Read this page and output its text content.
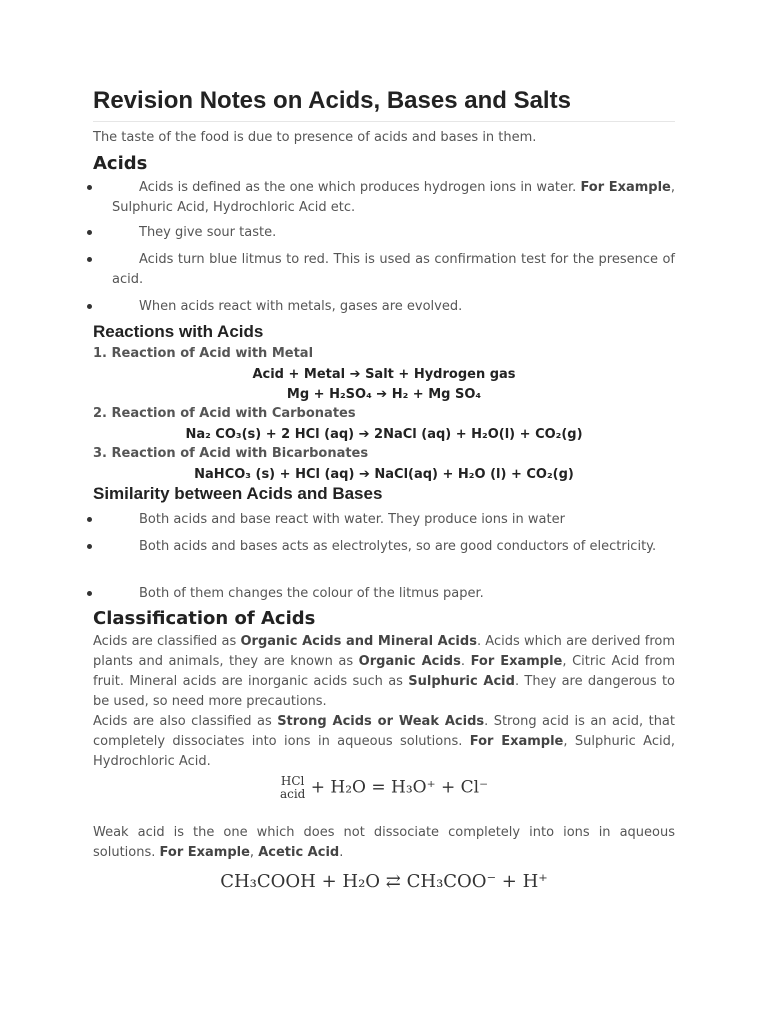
Revision Notes on Acids, Bases and Salts

The taste of the food is due to presence of acids and bases in them.

Acids
Acids is defined as the one which produces hydrogen ions in water. For Example, Sulphuric Acid, Hydrochloric Acid etc.
They give sour taste.
Acids turn blue litmus to red. This is used as confirmation test for the presence of acid.
When acids react with metals, gases are evolved.
Reactions with Acids
1. Reaction of Acid with Metal
Acid + Metal ➔ Salt + Hydrogen gas
Mg + H₂SO₄ ➔ H₂ + Mg SO₄
2. Reaction of Acid with Carbonates
Na₂ CO₃(s) + 2 HCl (aq) ➔ 2NaCl (aq) + H₂O(l) + CO₂(g)
3. Reaction of Acid with Bicarbonates
NaHCO₃ (s) + HCl (aq) ➔ NaCl(aq) + H₂O (l) + CO₂(g)
Similarity between Acids and Bases
Both acids and base react with water. They produce ions in water
Both acids and bases acts as electrolytes, so are good conductors of electricity.
Both of them changes the colour of the litmus paper.
Classification of Acids

Acids are classified as Organic Acids and Mineral Acids. Acids which are derived from plants and animals, they are known as Organic Acids. For Example, Citric Acid from fruit. Mineral acids are inorganic acids such as Sulphuric Acid. They are dangerous to be used, so need more precautions.

Acids are also classified as Strong Acids or Weak Acids. Strong acid is an acid, that completely dissociates into ions in aqueous solutions. For Example, Sulphuric Acid, Hydrochloric Acid.

HCl
acid + H₂O = H₃O⁺ + Cl⁻

Weak acid is the one which does not dissociate completely into ions in aqueous solutions. For Example, Acetic Acid.

CH₃COOH + H₂O ⇄ CH₃COO⁻ + H⁺
